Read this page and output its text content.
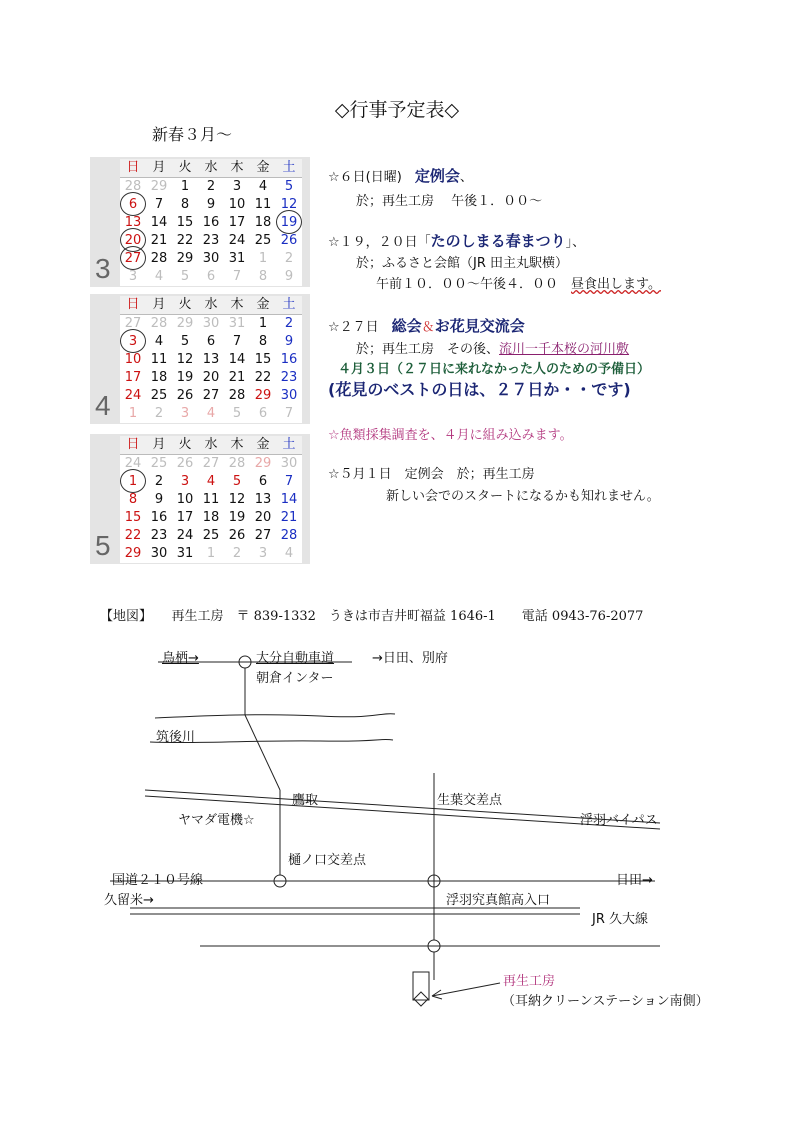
◇行事予定表◇
新春３月～
3
日 月 火 水 木 金 土
28 29	1	2	3	4	5
6	7	8	9	10 11 12
13 14 15 16 17 18 19
20 21 22 23 24 25 26
27 28 29 30 31	1	2
3	4	5	6	7	8	9
4
日 月 火 水 木 金 土
27 28 29 30 31	1	2
3	4	5	6	7	8	9
10 11 12 13 14 15 16
17 18 19 20 21 22 23
24 25 26 27 28 29 30
1	2	3	4	5	6	7
5
日 月 火 水 木 金 土
24 25 26 27 28 29 30
1	2	3	4	5	6	7
8	9	10 11 12 13 14
15 16 17 18 19 20 21
22 23 24 25 26 27 28
29 30 31	1	2	3	4
☆６日(日曜)　定例会、
於；再生工房　 午後１．００～
☆１９，２０日「たのしまる春まつり」、
於；ふるさと会館（JR 田主丸駅横）
午前１０．００～午後４．００　昼食出します。
☆２７日　総会＆お花見交流会
於；再生工房　その後、流川一千本桜の河川敷
４月３日（２７日に来れなかった人のための予備日）
(花見のベストの日は、２７日か・・です)
☆魚類採集調査を、４月に組み込みます。
☆５月１日　定例会　於；再生工房
新しい会でのスタートになるかも知れません。
【地図】　　再生工房　〒 839-1332　うきは市吉井町福益 1646-1　　電話 0943-76-2077
鳥栖→	大分自動車道	→日田、別府
朝倉インター
筑後川
鷹取	生葉交差点
ヤマダ電機☆	浮羽バイパス
樋ノ口交差点
国道２１０号線	日田→
久留米→	浮羽究真館高入口
JR 久大線
再生工房
（耳納クリーンステーション南側）
